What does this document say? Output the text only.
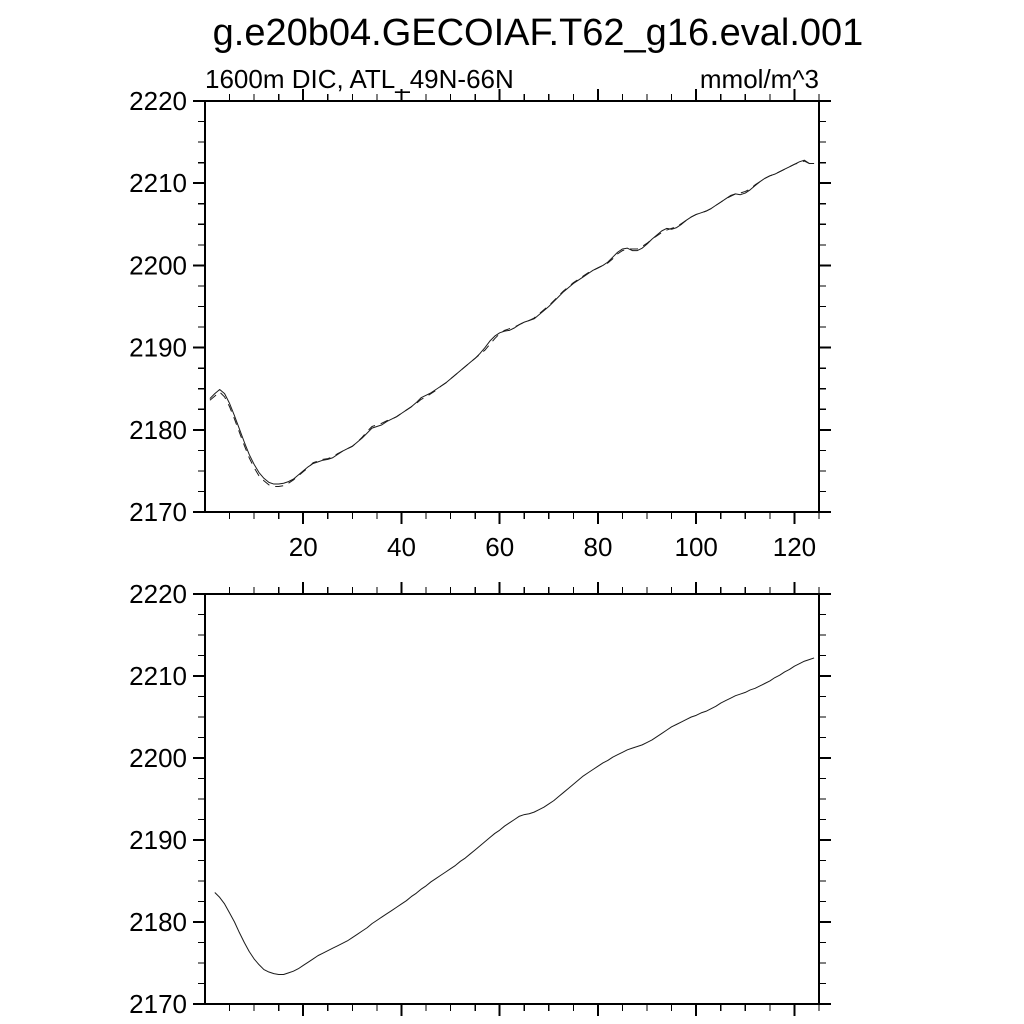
g.e20b04.GECOIAF.T62_g16.eval.001
1600m DIC, ATL_49N-66N	mmol/m^3
2170
2180
2190
2200
2210
2220
20	40	60	80 100 120
2170
2180
2190
2200
2210
2220
